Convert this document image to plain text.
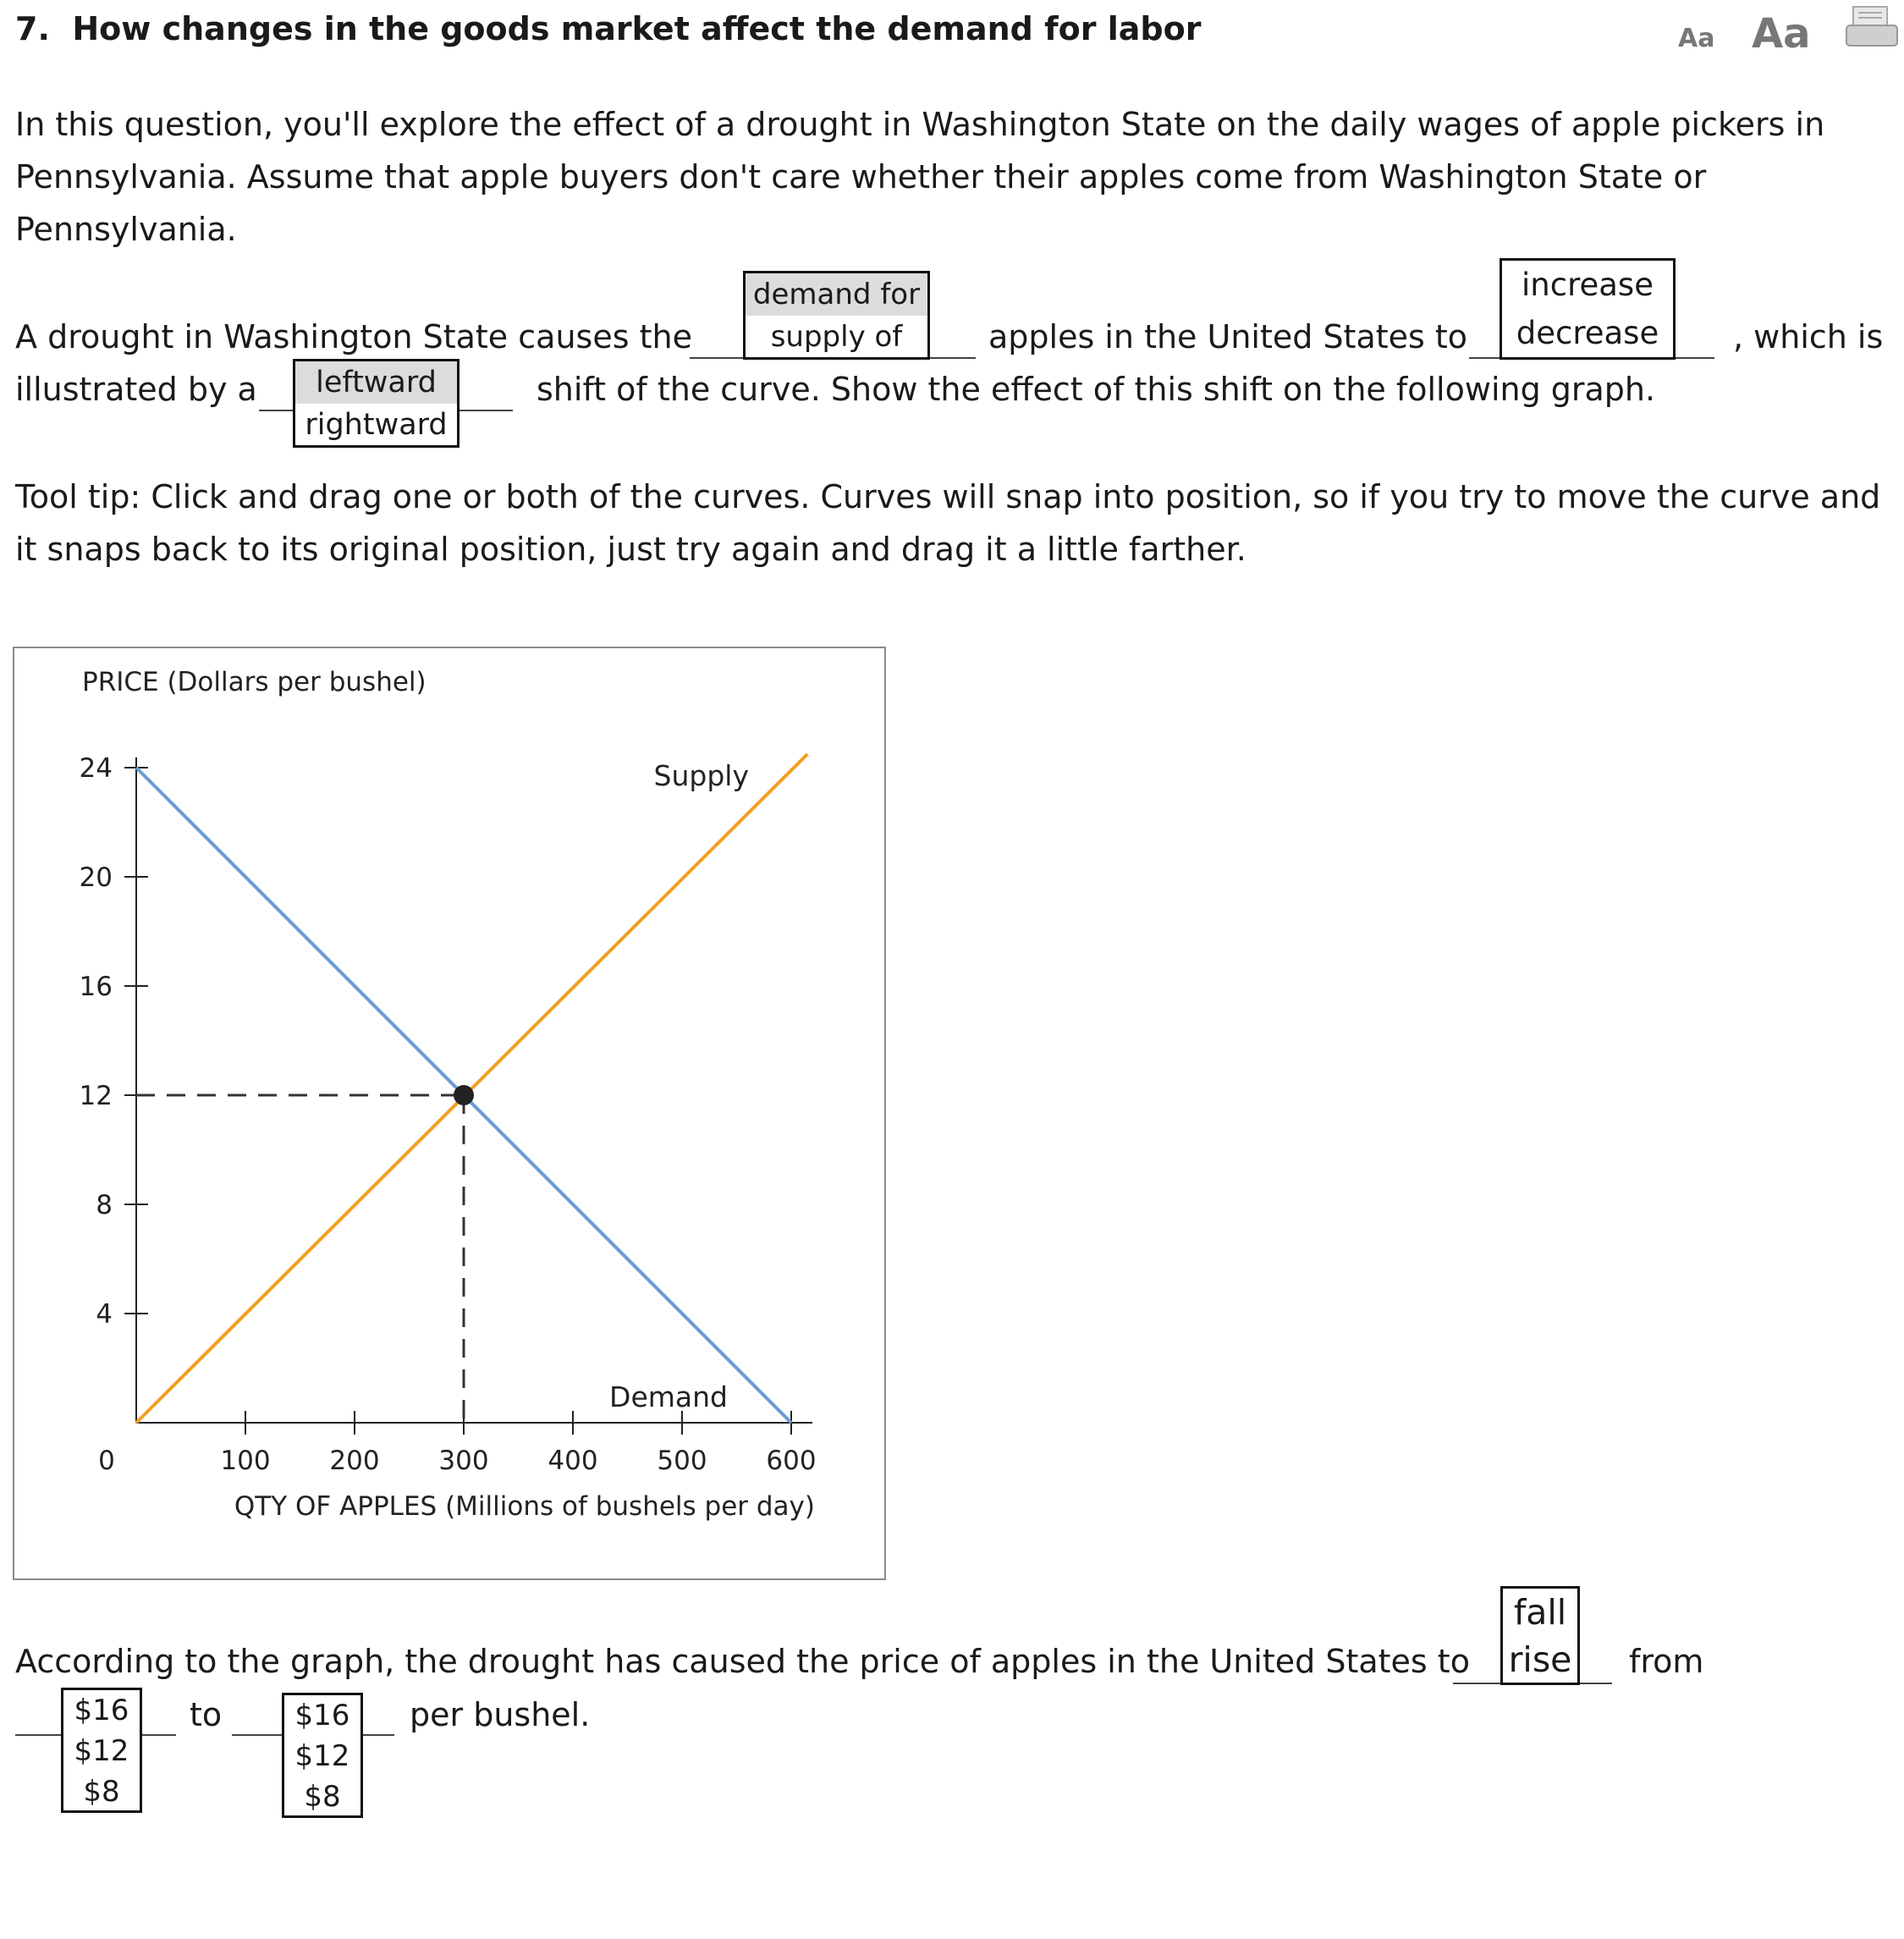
7. How changes in the goods market affect the demand for labor	Aa Aa
In this question, you'll explore the effect of a drought in Washington State on the daily wages of apple pickers in
Pennsylvania. Assume that apple buyers don't care whether their apples come from Washington State or
Pennsylvania.
A drought in Washington State causes the
demand for
supply of	apples in the United States to
increase
decrease	, which is
illustrated by a	leftward
rightward
shift of the curve. Show the effect of this shift on the following graph.
Tool tip: Click and drag one or both of the curves. Curves will snap into position, so if you try to move the curve and
it snaps back to its original position, just try again and drag it a little farther.
PRICE (Dollars per bushel)
QTY OF APPLES (Millions of bushels per day)
0
4
8
12
16
20
24
100 200 300 400 500 600
Supply
Demand
According to the graph, the drought has caused the price of apples in the United States to
fall
rise from
$16
$12
$8
to	$16
$12
$8
per bushel.
